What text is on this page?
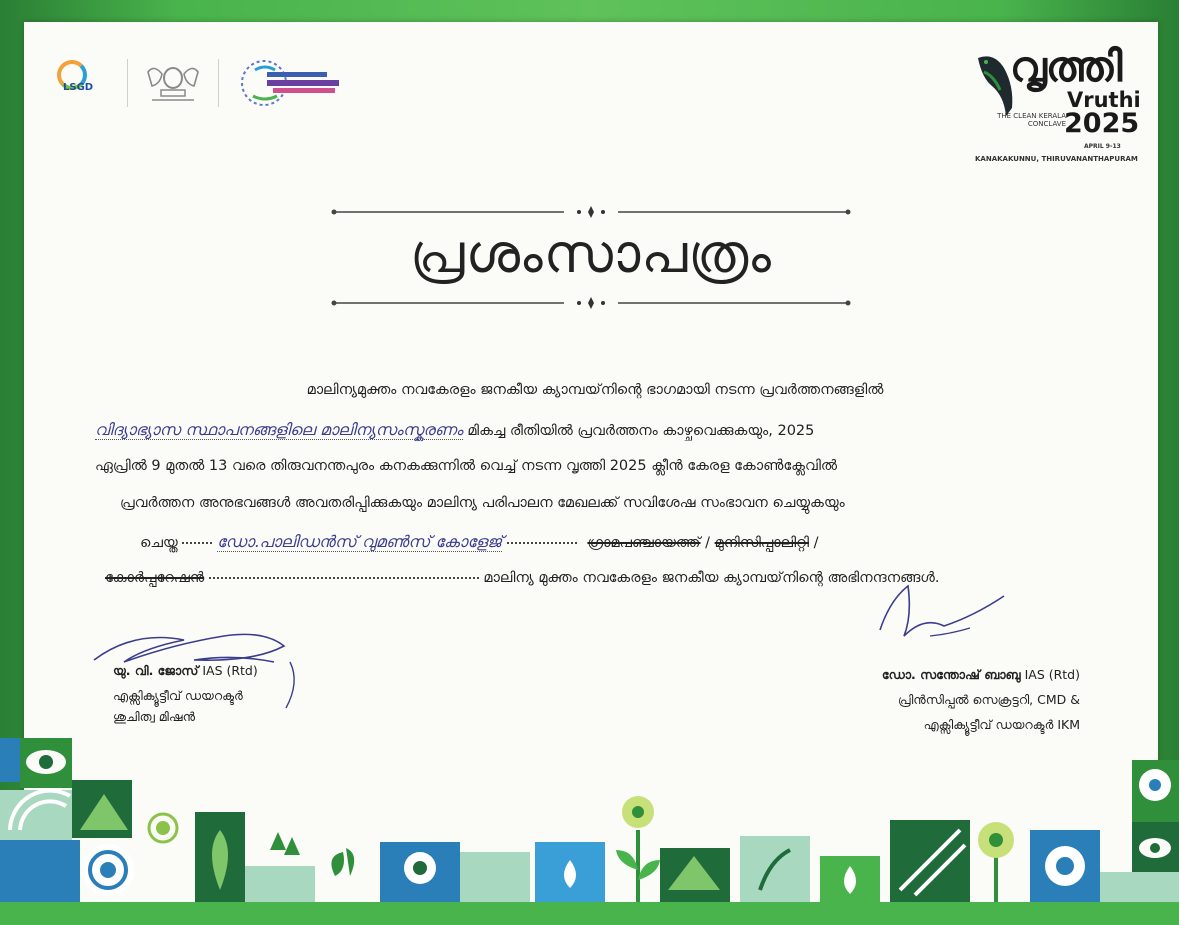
LSGD	വൃത്തി
Vruthi
THE CLEAN KERALA CONCLAVE
2025
APRIL 9-13
KANAKAKUNNU, THIRUVANANTHAPURAM
പ്രശംസാപത്രം
മാലിന്യമുക്തം നവകേരളം ജനകീയ ക്യാമ്പയ്‌നിന്റെ ഭാഗമായി നടന്ന പ്രവർത്തനങ്ങളിൽ
വിദ്യാഭ്യാസ സ്ഥാപനങ്ങളിലെ മാലിന്യസംസ്കരണം മികച്ച രീതിയിൽ പ്രവർത്തനം കാഴ്ചവെക്കുകയും, 2025
ഏപ്രിൽ 9 മുതൽ 13 വരെ തിരുവനന്തപുരം കനകക്കുന്നിൽ വെച്ച് നടന്ന വൃത്തി 2025 ക്ലീൻ കേരള കോൺക്ലേവിൽ
പ്രവർത്തന അനുഭവങ്ങൾ അവതരിപ്പിക്കുകയും മാലിന്യ പരിപാലന മേഖലക്ക് സവിശേഷ സംഭാവന ചെയ്യുകയും
ചെയ്ത ഡോ.പാലിഡൻസ് വുമൺസ് കോളേജ്	ഗ്രാമപഞ്ചായത്ത് / മുനിസിപ്പാലിറ്റി /
കോർപ്പറേഷൻ	മാലിന്യ മുക്തം നവകേരളം ജനകീയ ക്യാമ്പയ്‌നിന്റെ അഭിനന്ദനങ്ങൾ.
യു. വി. ജോസ് IAS (Rtd)
എക്സിക്യൂട്ടീവ് ഡയറക്ടർ
ശുചിത്വ മിഷൻ
ഡോ. സന്തോഷ് ബാബു IAS (Rtd)
പ്രിൻസിപ്പൽ സെക്രട്ടറി, CMD &
എക്സിക്യൂട്ടീവ് ഡയറക്ടർ IKM
